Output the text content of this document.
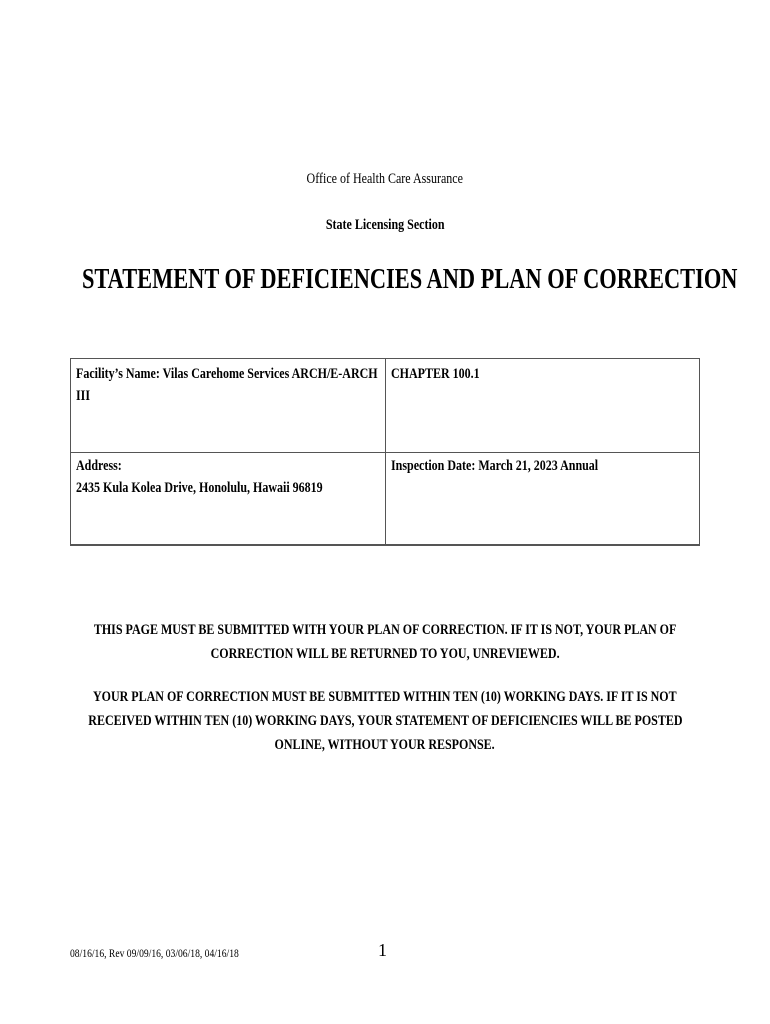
Office of Health Care Assurance
State Licensing Section
STATEMENT OF DEFICIENCIES AND PLAN OF CORRECTION
Facility’s Name: Vilas Carehome Services ARCH/E-ARCH
III
CHAPTER 100.1
Address:
2435 Kula Kolea Drive, Honolulu, Hawaii 96819
Inspection Date: March 21, 2023 Annual
THIS PAGE MUST BE SUBMITTED WITH YOUR PLAN OF CORRECTION. IF IT IS NOT, YOUR PLAN OF
CORRECTION WILL BE RETURNED TO YOU, UNREVIEWED.
YOUR PLAN OF CORRECTION MUST BE SUBMITTED WITHIN TEN (10) WORKING DAYS. IF IT IS NOT
RECEIVED WITHIN TEN (10) WORKING DAYS, YOUR STATEMENT OF DEFICIENCIES WILL BE POSTED
ONLINE, WITHOUT YOUR RESPONSE.
08/16/16, Rev 09/09/16, 03/06/18, 04/16/18	1
